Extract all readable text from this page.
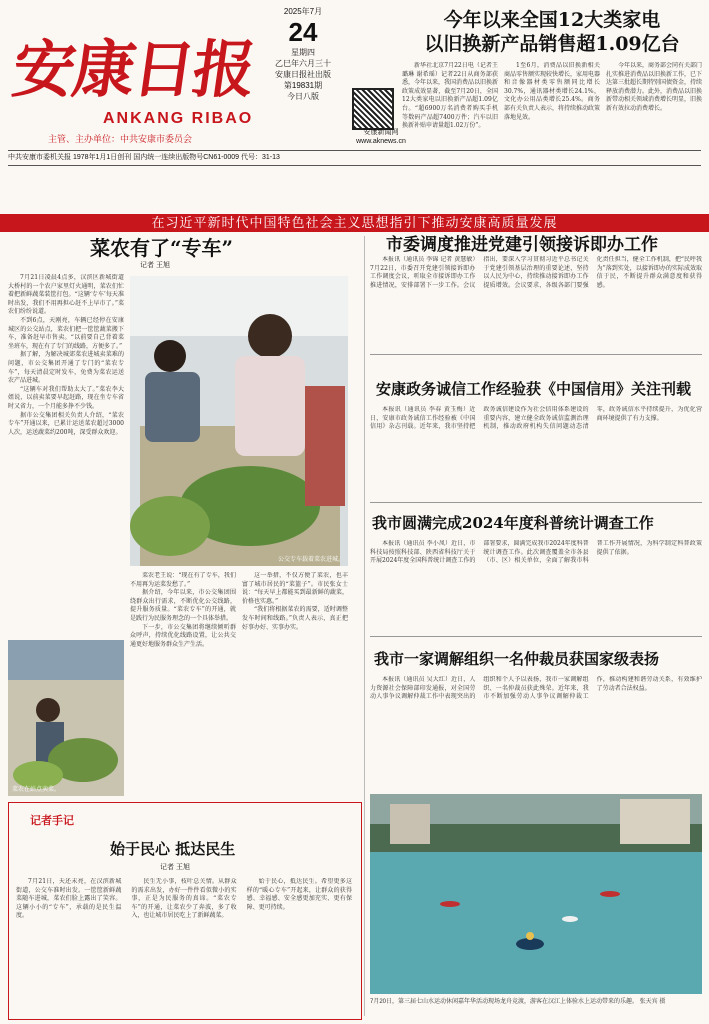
安康日报
ANKANG RIBAO
主管、主办单位：中共安康市委员会
2025年7月
24
星期四
乙巳年六月三十
安康日报社出版
第19831期
今日八版
安康新闻网
www.aknews.cn
今年以来全国12大类家电
以旧换新产品销售超1.09亿台

新华社北京7月22日电（记者王璐琳 谢希瑶）记者22日从商务部获悉，今年以来，我国消费品以旧换新政策成效显著，截至7月20日，全国12大类家电以旧换新产品超1.09亿台。“超6900万名消费者购买手机等数码产品超7400万件；汽车以旧换新补贴申请量超1.02万份”。

1至6月，消费品以旧换新相关商品零售额实现较快增长，家用电器和音像器材类零售额同比增长30.7%，通讯器材类增长24.1%，文化办公用品类增长25.4%。商务部有关负责人表示，将持续推动政策落地见效。

今年以来，商务部会同有关部门扎实推进消费品以旧换新工作，已下达第三批超长期特别国债资金，持续释放消费潜力。此外，消费品以旧换新带动相关领域消费增长明显，旧换新有效拉动消费增长。

中共安康市委机关报 1978年1月1日创刊 国内统一连续出版物号CN61-0009 代号：31-13
在习近平新时代中国特色社会主义思想指引下推动安康高质量发展
菜农有了“专车”
记者 王旭

7月21日凌晨4点多，汉滨区新城街道大桥村的一个农户家里灯火通明，菜农们忙着把新鲜蔬菜装筐打包。“这辆‘专车’每天准时出发，我们不用再担心赶不上早市了。”菜农们纷纷说道。

不到6点，天刚亮，车辆已经停在安康城区的公交站点，菜农们把一筐筐蔬菜搬下车，准备赶早市售卖。“以前要自己背着菜坐班车，现在有了专门的线路，方便多了。”

据了解，为解决城郊菜农进城卖菜难的问题，市公交集团开通了专门的“菜农专车”，每天清晨定时发车，免费为菜农运送农产品进城。

“这辆车对我们帮助太大了。”菜农李大姐说，以前卖菜要早起赶路，现在坐专车省时又省力，一个月能多挣不少钱。

据市公交集团相关负责人介绍，“菜农专车”开通以来，已累计运送菜农超过3000人次，运送蔬菜约200吨，深受群众欢迎。

公交专车载着菜农进城。
菜农在站点卖菜。

菜农老王说：“现在有了专车，我们不用再为运菜发愁了。”

据介绍，今年以来，市公交集团围绕群众出行需求，不断优化公交线路，提升服务质量。“菜农专车”的开通，就是践行为民服务理念的一个具体举措。

下一步，市公交集团将继续倾听群众呼声，持续优化线路设置，让公共交通更好地服务群众生产生活。

这一举措，不仅方便了菜农，也丰富了城市居民的“菜篮子”。市民张女士说：“每天早上都能买到最新鲜的蔬菜，价格也实惠。”

“我们将根据菜农的需要，适时调整发车时间和线路。”负责人表示，真正把好事办好、实事办实。

记者手记
始于民心 抵达民生
记者 王旭

7月21日，天还未亮，在汉滨新城街道，公交车准时出发。一筐筐新鲜蔬菜随车进城，菜农们脸上露出了笑容。这辆小小的“专车”，承载的是民生温度。

民生无小事，枝叶总关情。从群众的需求出发，办好一件件看似微小的实事，正是为民服务的真谛。“菜农专车”的开通，让菜农少了奔波，多了收入，也让城市居民吃上了新鲜蔬菜。

始于民心，抵达民生。希望更多这样的“暖心专车”开起来，让群众的获得感、幸福感、安全感更加充实、更有保障、更可持续。

市委调度推进党建引领接诉即办工作

本报讯（通讯员 李锦 记者 黄慧敏）7月22日，市委召开党建引领接诉即办工作调度会议，听取全市接诉即办工作推进情况，安排部署下一步工作。会议指出，要深入学习贯彻习近平总书记关于党建引领基层治理的重要论述，坚持以人民为中心，持续推动接诉即办工作提质增效。会议要求，各级各部门要强化责任担当，健全工作机制，把“民呼我为”落到实处，以接诉即办的实际成效取信于民，不断提升群众满意度和获得感。

安康政务诚信工作经验获《中国信用》关注刊载

本报讯（通讯员 李春 黄玉梅）近日，安康市政务诚信工作经验被《中国信用》杂志刊载。近年来，我市坚持把政务诚信建设作为社会信用体系建设的重要内容，建立健全政务诚信监测治理机制，推动政府机构失信问题动态清零，政务诚信水平持续提升，为优化营商环境提供了有力支撑。

我市圆满完成2024年度科普统计调查工作

本报讯（通讯员 李小凤）近日，市科技局按照科技部、陕西省科技厅关于开展2024年度全国科普统计调查工作的部署要求，圆满完成我市2024年度科普统计调查工作。此次调查覆盖全市各县（市、区）相关单位，全面了解我市科普工作开展情况，为科学制定科普政策提供了依据。

我市一家调解组织一名仲裁员获国家级表扬

本报讯（通讯员 吴大红）近日，人力资源社会保障部印发通报，对全国劳动人事争议调解仲裁工作中表现突出的组织和个人予以表扬，我市一家调解组织、一名仲裁员获此殊荣。近年来，我市不断加强劳动人事争议调解仲裁工作，推动构建和谐劳动关系，有效维护了劳动者合法权益。

7月20日，第三届七山水运动休闲嘉年华活动现场龙舟竞渡，游客在汉江上体验水上运动带来的乐趣。 张天宾 摄
